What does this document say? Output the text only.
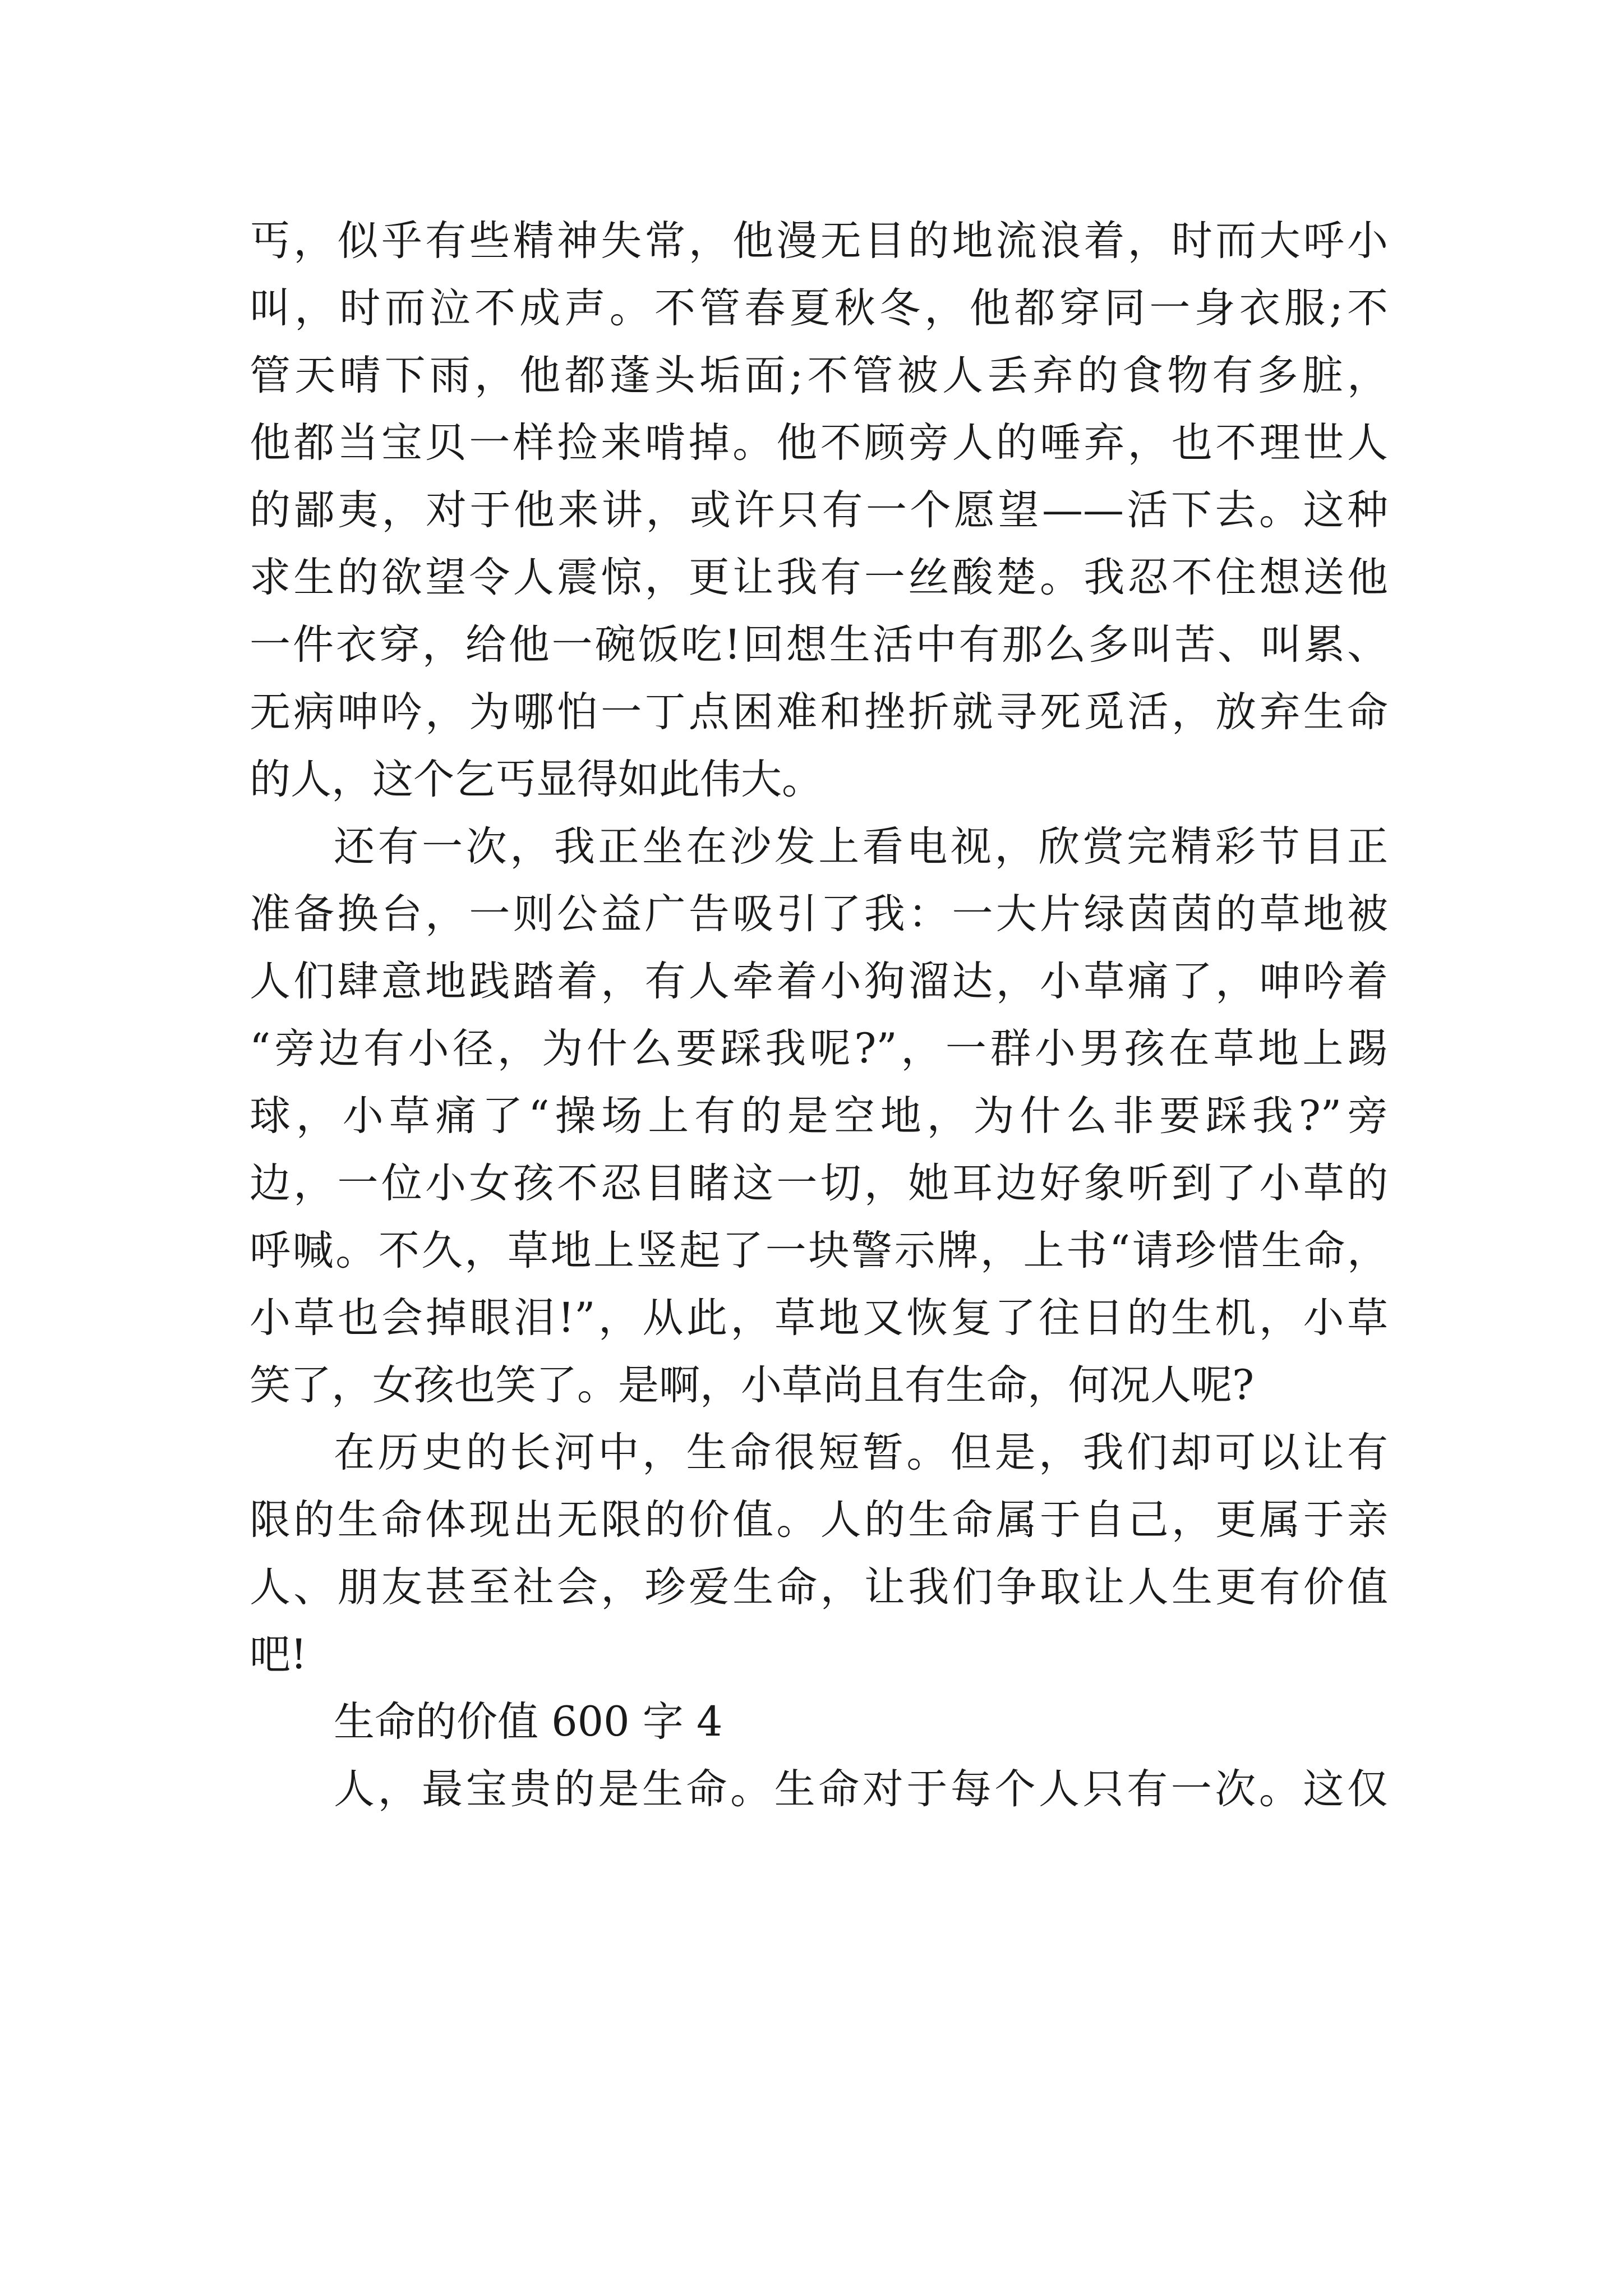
丐，似乎有些精神失常，他漫无目的地流浪着，时而大呼小
叫，时而泣不成声。不管春夏秋冬，他都穿同一身衣服;不
管天晴下雨，他都蓬头垢面;不管被人丢弃的食物有多脏，
他都当宝贝一样捡来啃掉。他不顾旁人的唾弃，也不理世人
的鄙夷，对于他来讲，或许只有一个愿望——活下去。这种
求生的欲望令人震惊，更让我有一丝酸楚。我忍不住想送他
一件衣穿，给他一碗饭吃!回想生活中有那么多叫苦、叫累、
无病呻吟，为哪怕一丁点困难和挫折就寻死觅活，放弃生命
的人，这个乞丐显得如此伟大。
还有一次，我正坐在沙发上看电视，欣赏完精彩节目正
准备换台，一则公益广告吸引了我：一大片绿茵茵的草地被
人们肆意地践踏着，有人牵着小狗溜达，小草痛了，呻吟着
“旁边有小径，为什么要踩我呢?”，一群小男孩在草地上踢
球，小草痛了“操场上有的是空地，为什么非要踩我?”旁
边，一位小女孩不忍目睹这一切，她耳边好象听到了小草的
呼喊。不久，草地上竖起了一块警示牌，上书“请珍惜生命，
小草也会掉眼泪!”，从此，草地又恢复了往日的生机，小草
笑了，女孩也笑了。是啊，小草尚且有生命，何况人呢?
在历史的长河中，生命很短暂。但是，我们却可以让有
限的生命体现出无限的价值。人的生命属于自己，更属于亲
人、朋友甚至社会，珍爱生命，让我们争取让人生更有价值
吧!
生命的价值 600 字 4
人，最宝贵的是生命。生命对于每个人只有一次。这仅
